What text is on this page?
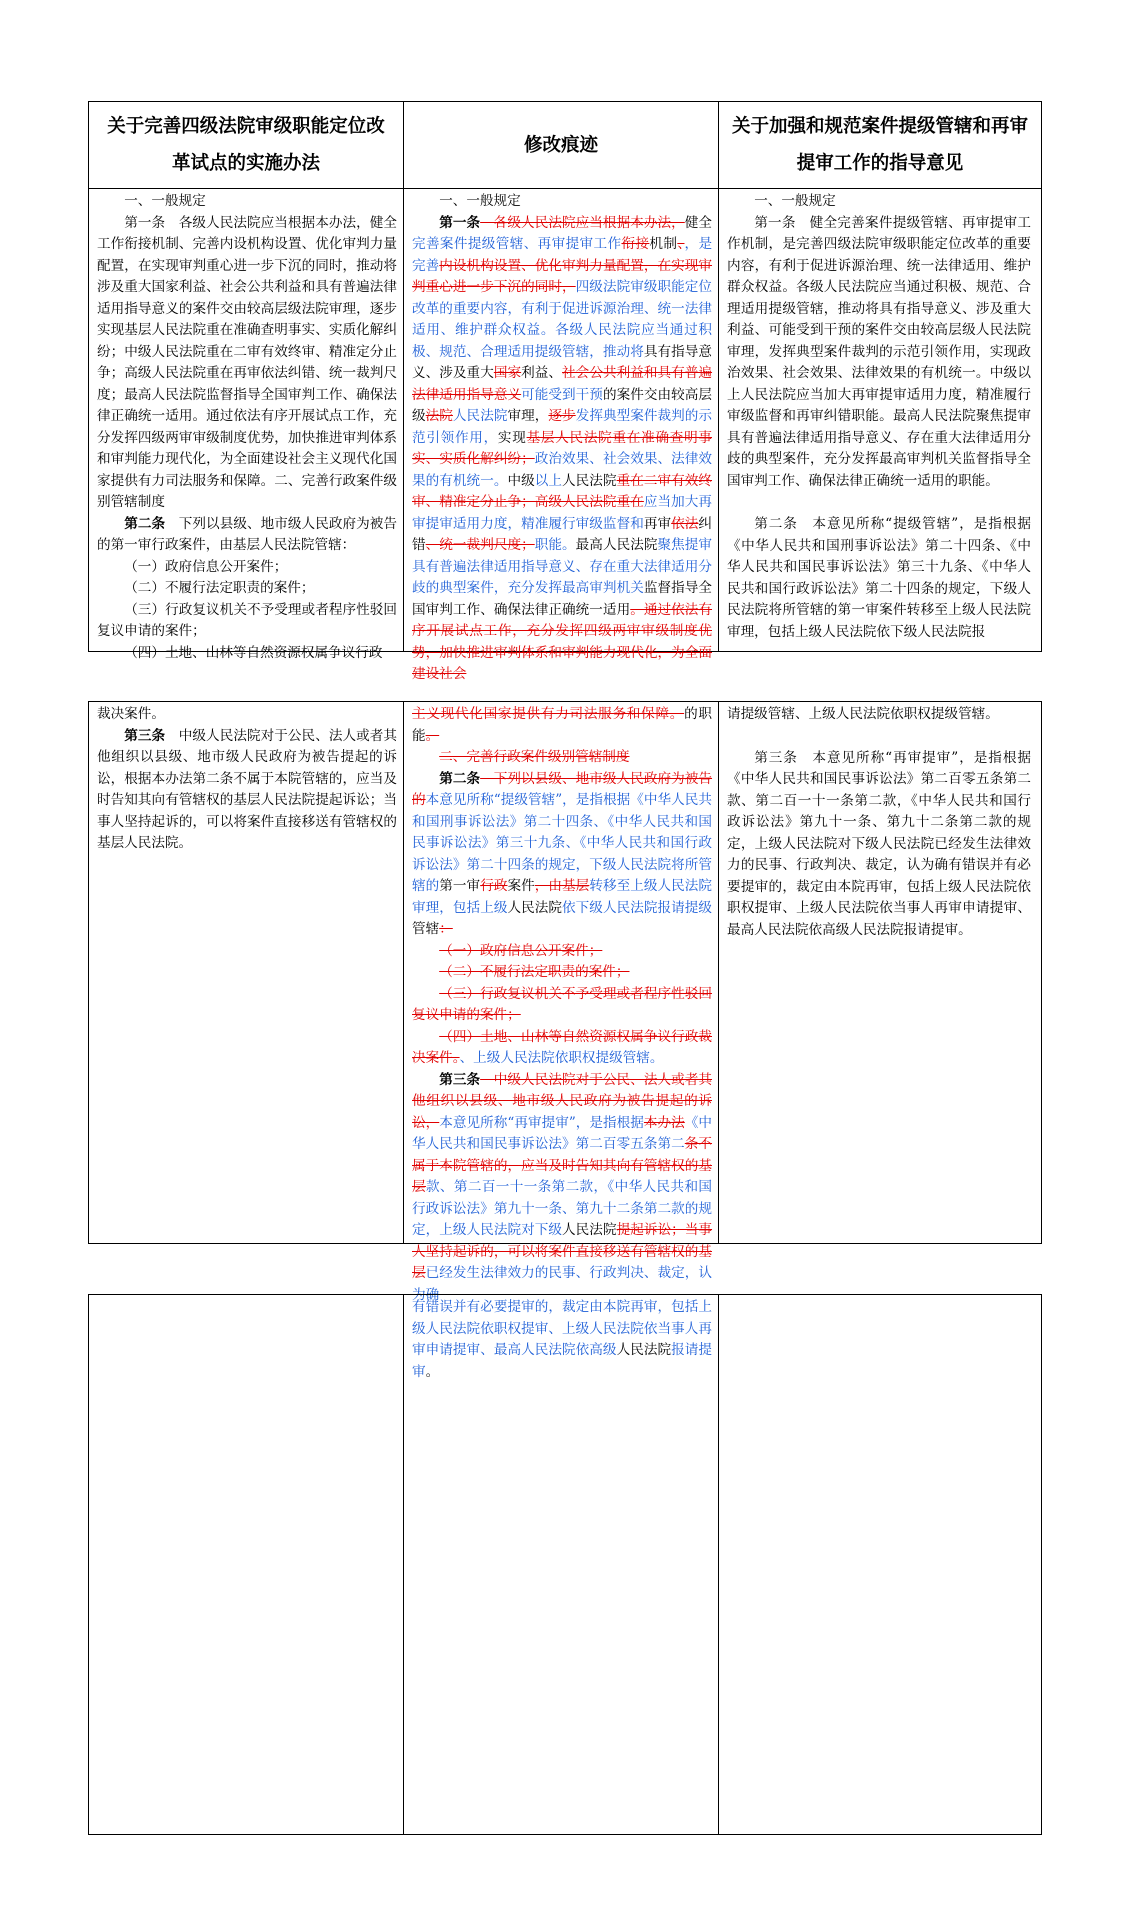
关于完善四级法院审级职能定位改革试点的实施办法
修改痕迹
关于加强和规范案件提级管辖和再审提审工作的指导意见

一、一般规定

第一条　各级人民法院应当根据本办法，健全工作衔接机制、完善内设机构设置、优化审判力量配置，在实现审判重心进一步下沉的同时，推动将涉及重大国家利益、社会公共利益和具有普遍法律适用指导意义的案件交由较高层级法院审理，逐步实现基层人民法院重在准确查明事实、实质化解纠纷；中级人民法院重在二审有效终审、精准定分止争；高级人民法院重在再审依法纠错、统一裁判尺度；最高人民法院监督指导全国审判工作、确保法律正确统一适用。通过依法有序开展试点工作，充分发挥四级两审审级制度优势，加快推进审判体系和审判能力现代化，为全面建设社会主义现代化国家提供有力司法服务和保障。二、完善行政案件级别管辖制度

第二条　下列以县级、地市级人民政府为被告的第一审行政案件，由基层人民法院管辖：

（一）政府信息公开案件；

（二）不履行法定职责的案件；

（三）行政复议机关不予受理或者程序性驳回复议申请的案件；

（四）土地、山林等自然资源权属争议行政

一、一般规定

第一条　各级人民法院应当根据本办法，健全完善案件提级管辖、再审提审工作衔接机制、，是完善内设机构设置、优化审判力量配置，在实现审判重心进一步下沉的同时，四级法院审级职能定位改革的重要内容，有利于促进诉源治理、统一法律适用、维护群众权益。各级人民法院应当通过积极、规范、合理适用提级管辖，推动将具有指导意义、涉及重大国家利益、社会公共利益和具有普遍法律适用指导意义可能受到干预的案件交由较高层级法院人民法院审理，逐步发挥典型案件裁判的示范引领作用，实现基层人民法院重在准确查明事实、实质化解纠纷；政治效果、社会效果、法律效果的有机统一。中级以上人民法院重在二审有效终审、精准定分止争；高级人民法院重在应当加大再审提审适用力度，精准履行审级监督和再审依法纠错、统一裁判尺度；职能。最高人民法院聚焦提审具有普遍法律适用指导意义、存在重大法律适用分歧的典型案件，充分发挥最高审判机关监督指导全国审判工作、确保法律正确统一适用。通过依法有序开展试点工作，充分发挥四级两审审级制度优势，加快推进审判体系和审判能力现代化，为全面建设社会

一、一般规定

第一条　健全完善案件提级管辖、再审提审工作机制，是完善四级法院审级职能定位改革的重要内容，有利于促进诉源治理、统一法律适用、维护群众权益。各级人民法院应当通过积极、规范、合理适用提级管辖，推动将具有指导意义、涉及重大利益、可能受到干预的案件交由较高层级人民法院审理，发挥典型案件裁判的示范引领作用，实现政治效果、社会效果、法律效果的有机统一。中级以上人民法院应当加大再审提审适用力度，精准履行审级监督和再审纠错职能。最高人民法院聚焦提审具有普遍法律适用指导意义、存在重大法律适用分歧的典型案件，充分发挥最高审判机关监督指导全国审判工作、确保法律正确统一适用的职能。

第二条　本意见所称“提级管辖”，是指根据《中华人民共和国刑事诉讼法》第二十四条、《中华人民共和国民事诉讼法》第三十九条、《中华人民共和国行政诉讼法》第二十四条的规定，下级人民法院将所管辖的第一审案件转移至上级人民法院审理，包括上级人民法院依下级人民法院报

裁决案件。

第三条　中级人民法院对于公民、法人或者其他组织以县级、地市级人民政府为被告提起的诉讼，根据本办法第二条不属于本院管辖的，应当及时告知其向有管辖权的基层人民法院提起诉讼；当事人坚持起诉的，可以将案件直接移送有管辖权的基层人民法院。

主义现代化国家提供有力司法服务和保障。的职能。

二、完善行政案件级别管辖制度

第二条　下列以县级、地市级人民政府为被告的本意见所称“提级管辖”，是指根据《中华人民共和国刑事诉讼法》第二十四条、《中华人民共和国民事诉讼法》第三十九条、《中华人民共和国行政诉讼法》第二十四条的规定，下级人民法院将所管辖的第一审行政案件，由基层转移至上级人民法院审理，包括上级人民法院依下级人民法院报请提级管辖：

（一）政府信息公开案件；

（二）不履行法定职责的案件；

（三）行政复议机关不予受理或者程序性驳回复议申请的案件；

（四）土地、山林等自然资源权属争议行政裁决案件。、上级人民法院依职权提级管辖。

第三条　中级人民法院对于公民、法人或者其他组织以县级、地市级人民政府为被告提起的诉讼，本意见所称“再审提审”，是指根据本办法《中华人民共和国民事诉讼法》第二百零五条第二条不属于本院管辖的，应当及时告知其向有管辖权的基层款、第二百一十一条第二款，《中华人民共和国行政诉讼法》第九十一条、第九十二条第二款的规定，上级人民法院对下级人民法院提起诉讼；当事人坚持起诉的，可以将案件直接移送有管辖权的基层已经发生法律效力的民事、行政判决、裁定，认为确

请提级管辖、上级人民法院依职权提级管辖。

第三条　本意见所称“再审提审”，是指根据《中华人民共和国民事诉讼法》第二百零五条第二款、第二百一十一条第二款，《中华人民共和国行政诉讼法》第九十一条、第九十二条第二款的规定，上级人民法院对下级人民法院已经发生法律效力的民事、行政判决、裁定，认为确有错误并有必要提审的，裁定由本院再审，包括上级人民法院依职权提审、上级人民法院依当事人再审申请提审、最高人民法院依高级人民法院报请提审。

有错误并有必要提审的，裁定由本院再审，包括上级人民法院依职权提审、上级人民法院依当事人再审申请提审、最高人民法院依高级人民法院报请提审。
